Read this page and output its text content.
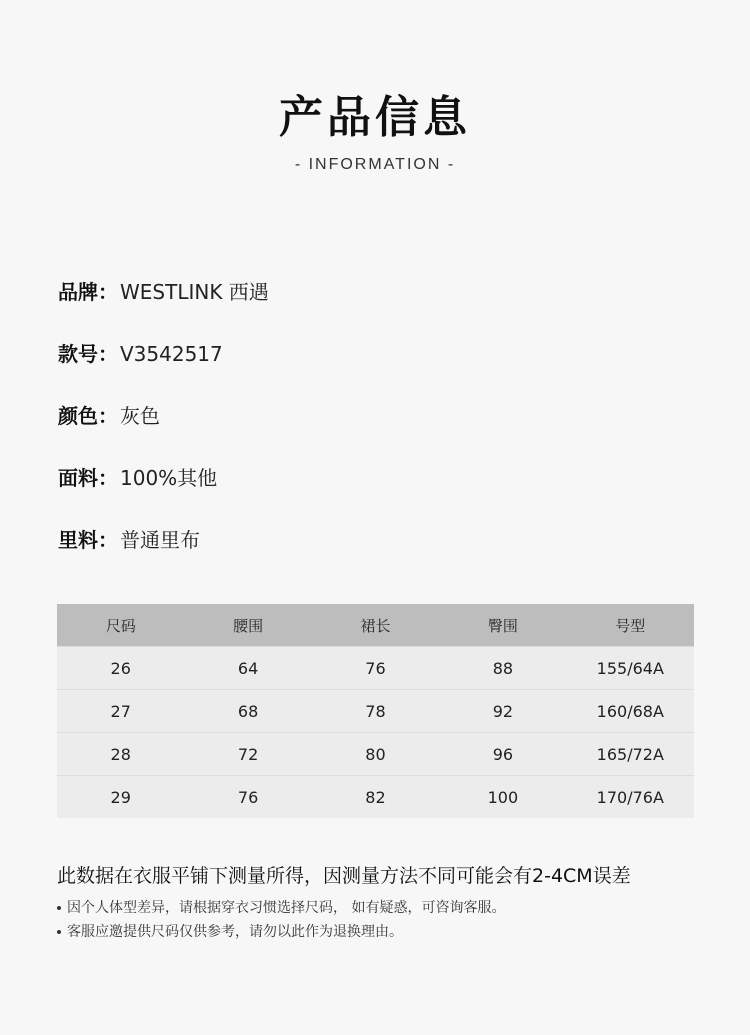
产品信息
- INFORMATION -
品牌： WESTLINK 西遇
款号： V3542517
颜色： 灰色
面料： 100%其他
里料： 普通里布
尺码	腰围	裙长	臀围	号型
26	64	76	88	155/64A
27	68	78	92	160/68A
28	72	80	96	165/72A
29	76	82	100	170/76A
此数据在衣服平铺下测量所得，因测量方法不同可能会有2-4CM误差
因个人体型差异，请根据穿衣习惯选择尺码， 如有疑惑，可咨询客服。
客服应邀提供尺码仅供参考，请勿以此作为退换理由。
